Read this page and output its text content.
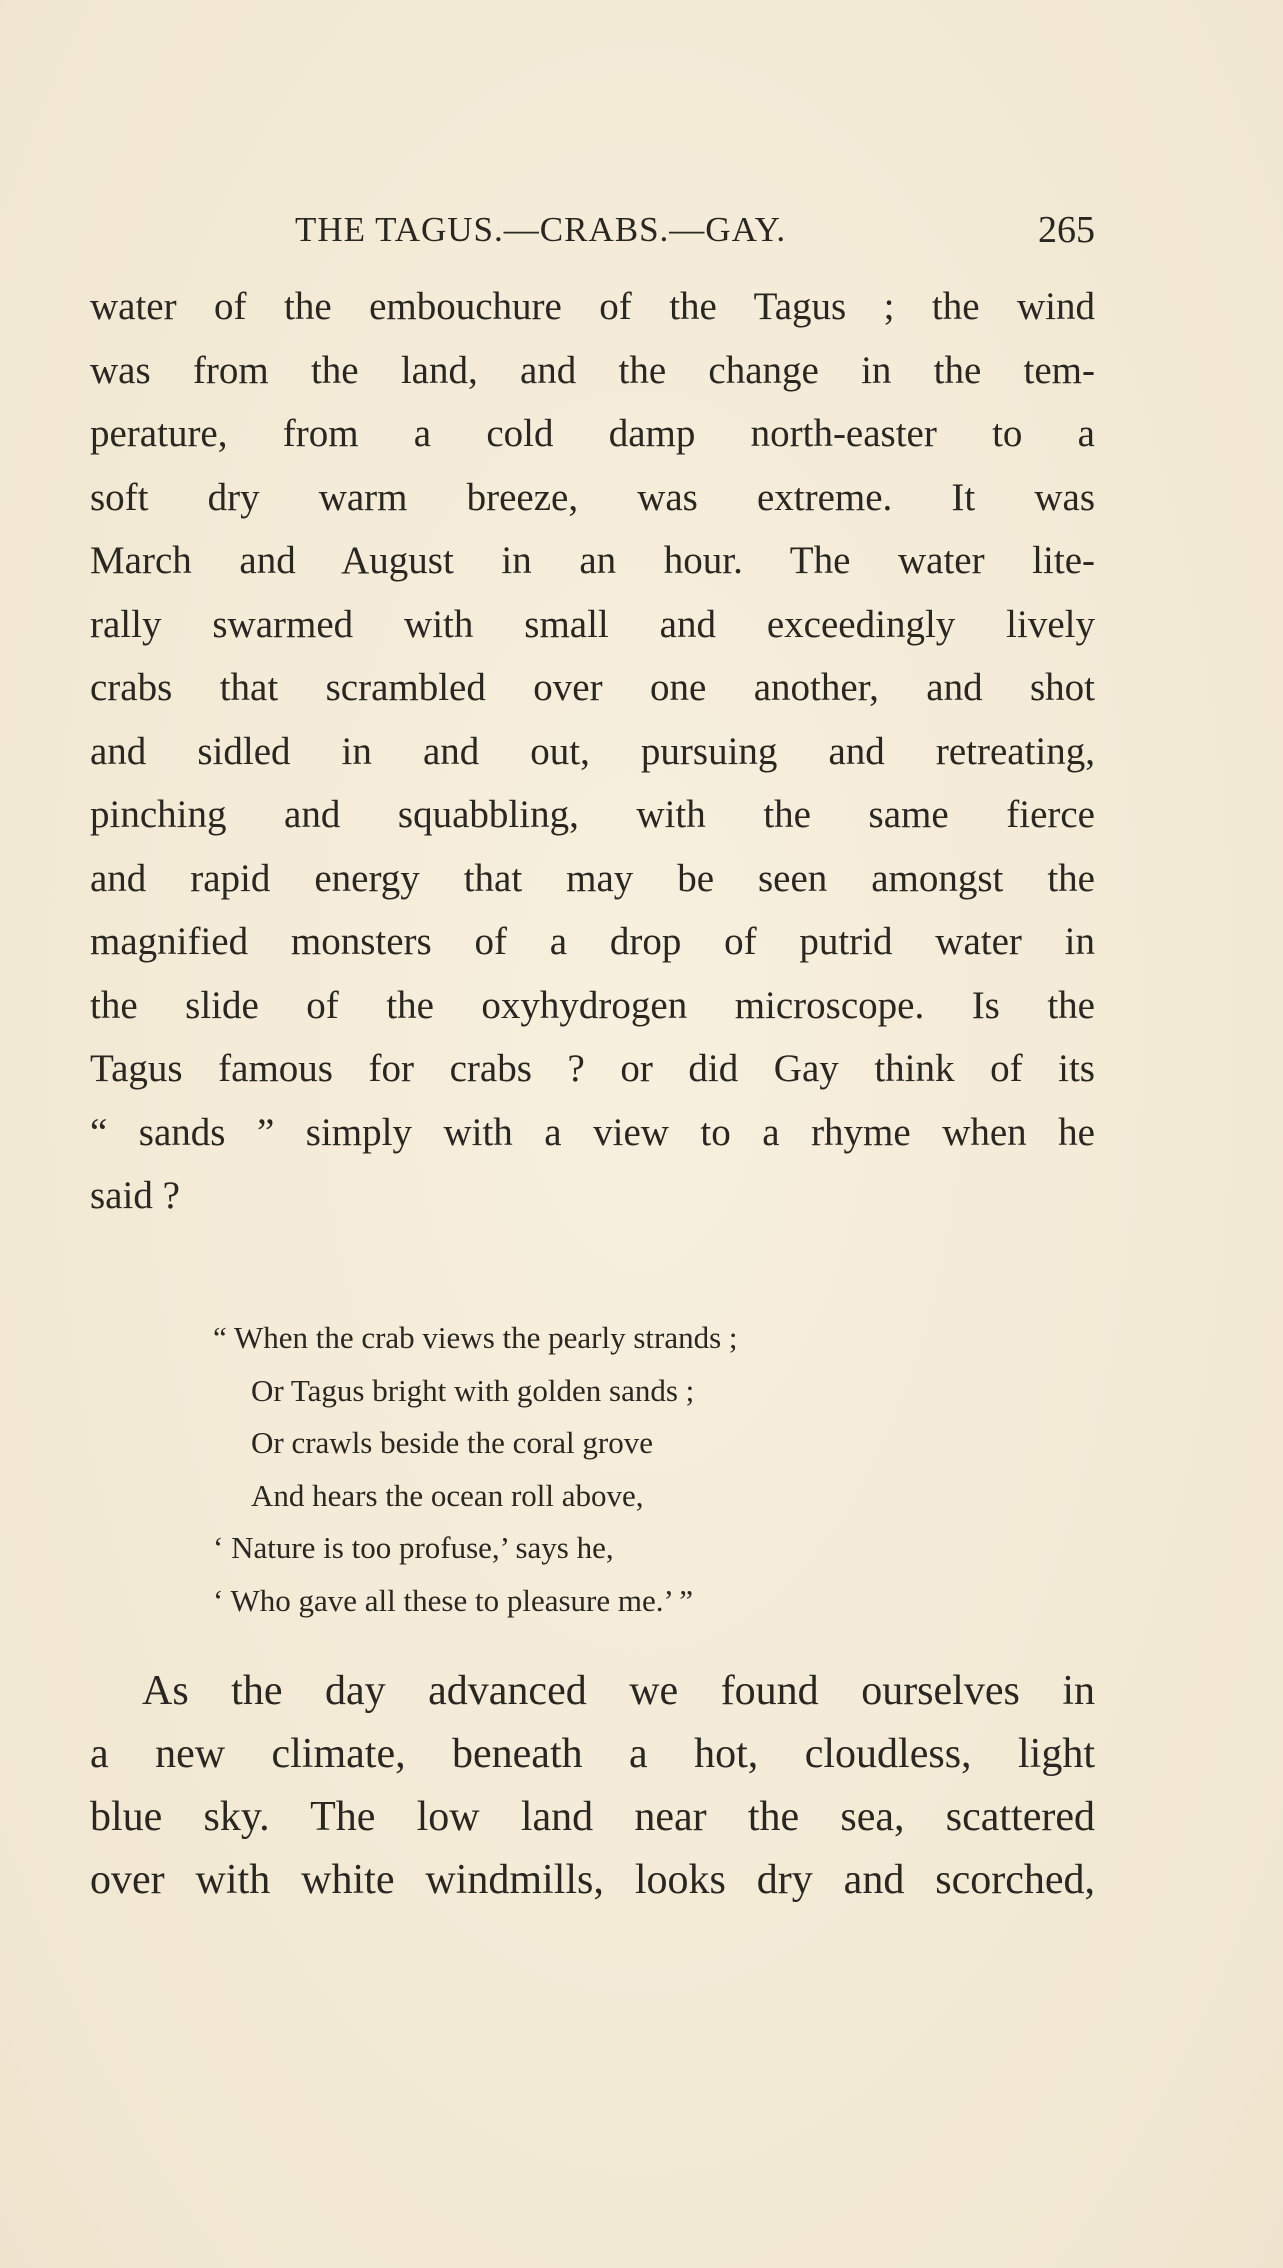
THE TAGUS.—CRABS.—GAY.	265
water of the embouchure of the Tagus ; the wind
was from the land, and the change in the tem-
perature, from a cold damp north-easter to a
soft dry warm breeze, was extreme. It was
March and August in an hour. The water lite-
rally swarmed with small and exceedingly lively
crabs that scrambled over one another, and shot
and sidled in and out, pursuing and retreating,
pinching and squabbling, with the same fierce
and rapid energy that may be seen amongst the
magnified monsters of a drop of putrid water in
the slide of the oxyhydrogen microscope. Is the
Tagus famous for crabs ? or did Gay think of its
“ sands ” simply with a view to a rhyme when he
said ?
“ When the crab views the pearly strands ;
Or Tagus bright with golden sands ;
Or crawls beside the coral grove
And hears the ocean roll above,
‘ Nature is too profuse,’ says he,
‘ Who gave all these to pleasure me.’ ”
As the day advanced we found ourselves in
a new climate, beneath a hot, cloudless, light
blue sky. The low land near the sea, scattered
over with white windmills, looks dry and scorched,
